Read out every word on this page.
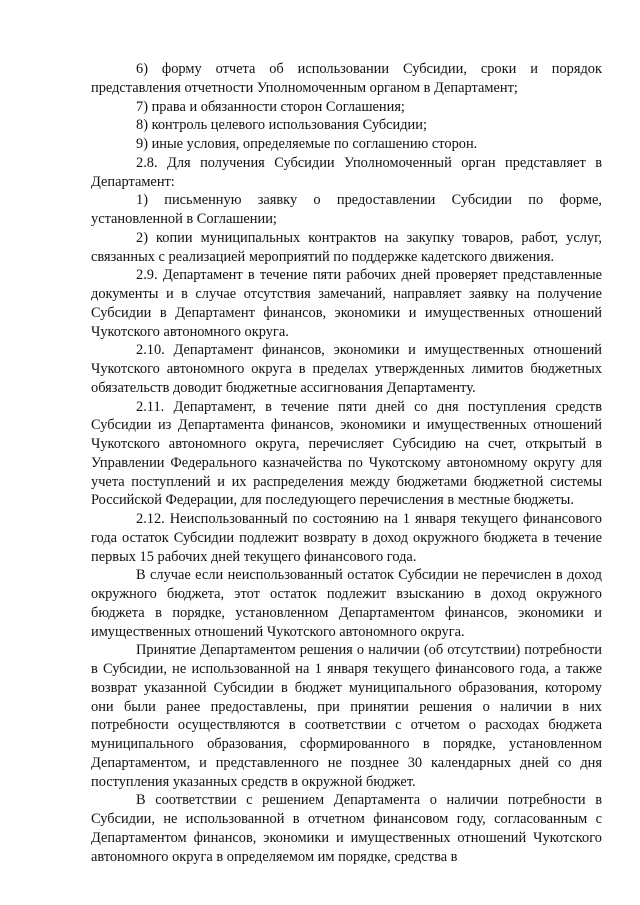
6) форму отчета об использовании Субсидии, сроки и порядок представления отчетности Уполномоченным органом в Департамент;

7) права и обязанности сторон Соглашения;

8) контроль целевого использования Субсидии;

9) иные условия, определяемые по соглашению сторон.

2.8. Для получения Субсидии Уполномоченный орган представляет в Департамент:

1) письменную заявку о предоставлении Субсидии по форме, установленной в Соглашении;

2) копии муниципальных контрактов на закупку товаров, работ, услуг, связанных с реализацией мероприятий по поддержке кадетского движения.

2.9. Департамент в течение пяти рабочих дней проверяет представленные документы и в случае отсутствия замечаний, направляет заявку на получение Субсидии в Департамент финансов, экономики и имущественных отношений Чукотского автономного округа.

2.10. Департамент финансов, экономики и имущественных отношений Чукотского автономного округа в пределах утвержденных лимитов бюджетных обязательств доводит бюджетные ассигнования Департаменту.

2.11. Департамент, в течение пяти дней со дня поступления средств Субсидии из Департамента финансов, экономики и имущественных отношений Чукотского автономного округа, перечисляет Субсидию на счет, открытый в Управлении Федерального казначейства по Чукотскому автономному округу для учета поступлений и их распределения между бюджетами бюджетной системы Российской Федерации, для последующего перечисления в местные бюджеты.

2.12. Неиспользованный по состоянию на 1 января текущего финансового года остаток Субсидии подлежит возврату в доход окружного бюджета в течение первых 15 рабочих дней текущего финансового года.

В случае если неиспользованный остаток Субсидии не перечислен в доход окружного бюджета, этот остаток подлежит взысканию в доход окружного бюджета в порядке, установленном Департаментом финансов, экономики и имущественных отношений Чукотского автономного округа.

Принятие Департаментом решения о наличии (об отсутствии) потребности в Субсидии, не использованной на 1 января текущего финансового года, а также возврат указанной Субсидии в бюджет муниципального образования, которому они были ранее предоставлены, при принятии решения о наличии в них потребности осуществляются в соответствии с отчетом о расходах бюджета муниципального образования, сформированного в порядке, установленном Департаментом, и представленного не позднее 30 календарных дней со дня поступления указанных средств в окружной бюджет.

В соответствии с решением Департамента о наличии потребности в Субсидии, не использованной в отчетном финансовом году, согласованным с Департаментом финансов, экономики и имущественных отношений Чукотского автономного округа в определяемом им порядке, средства в
